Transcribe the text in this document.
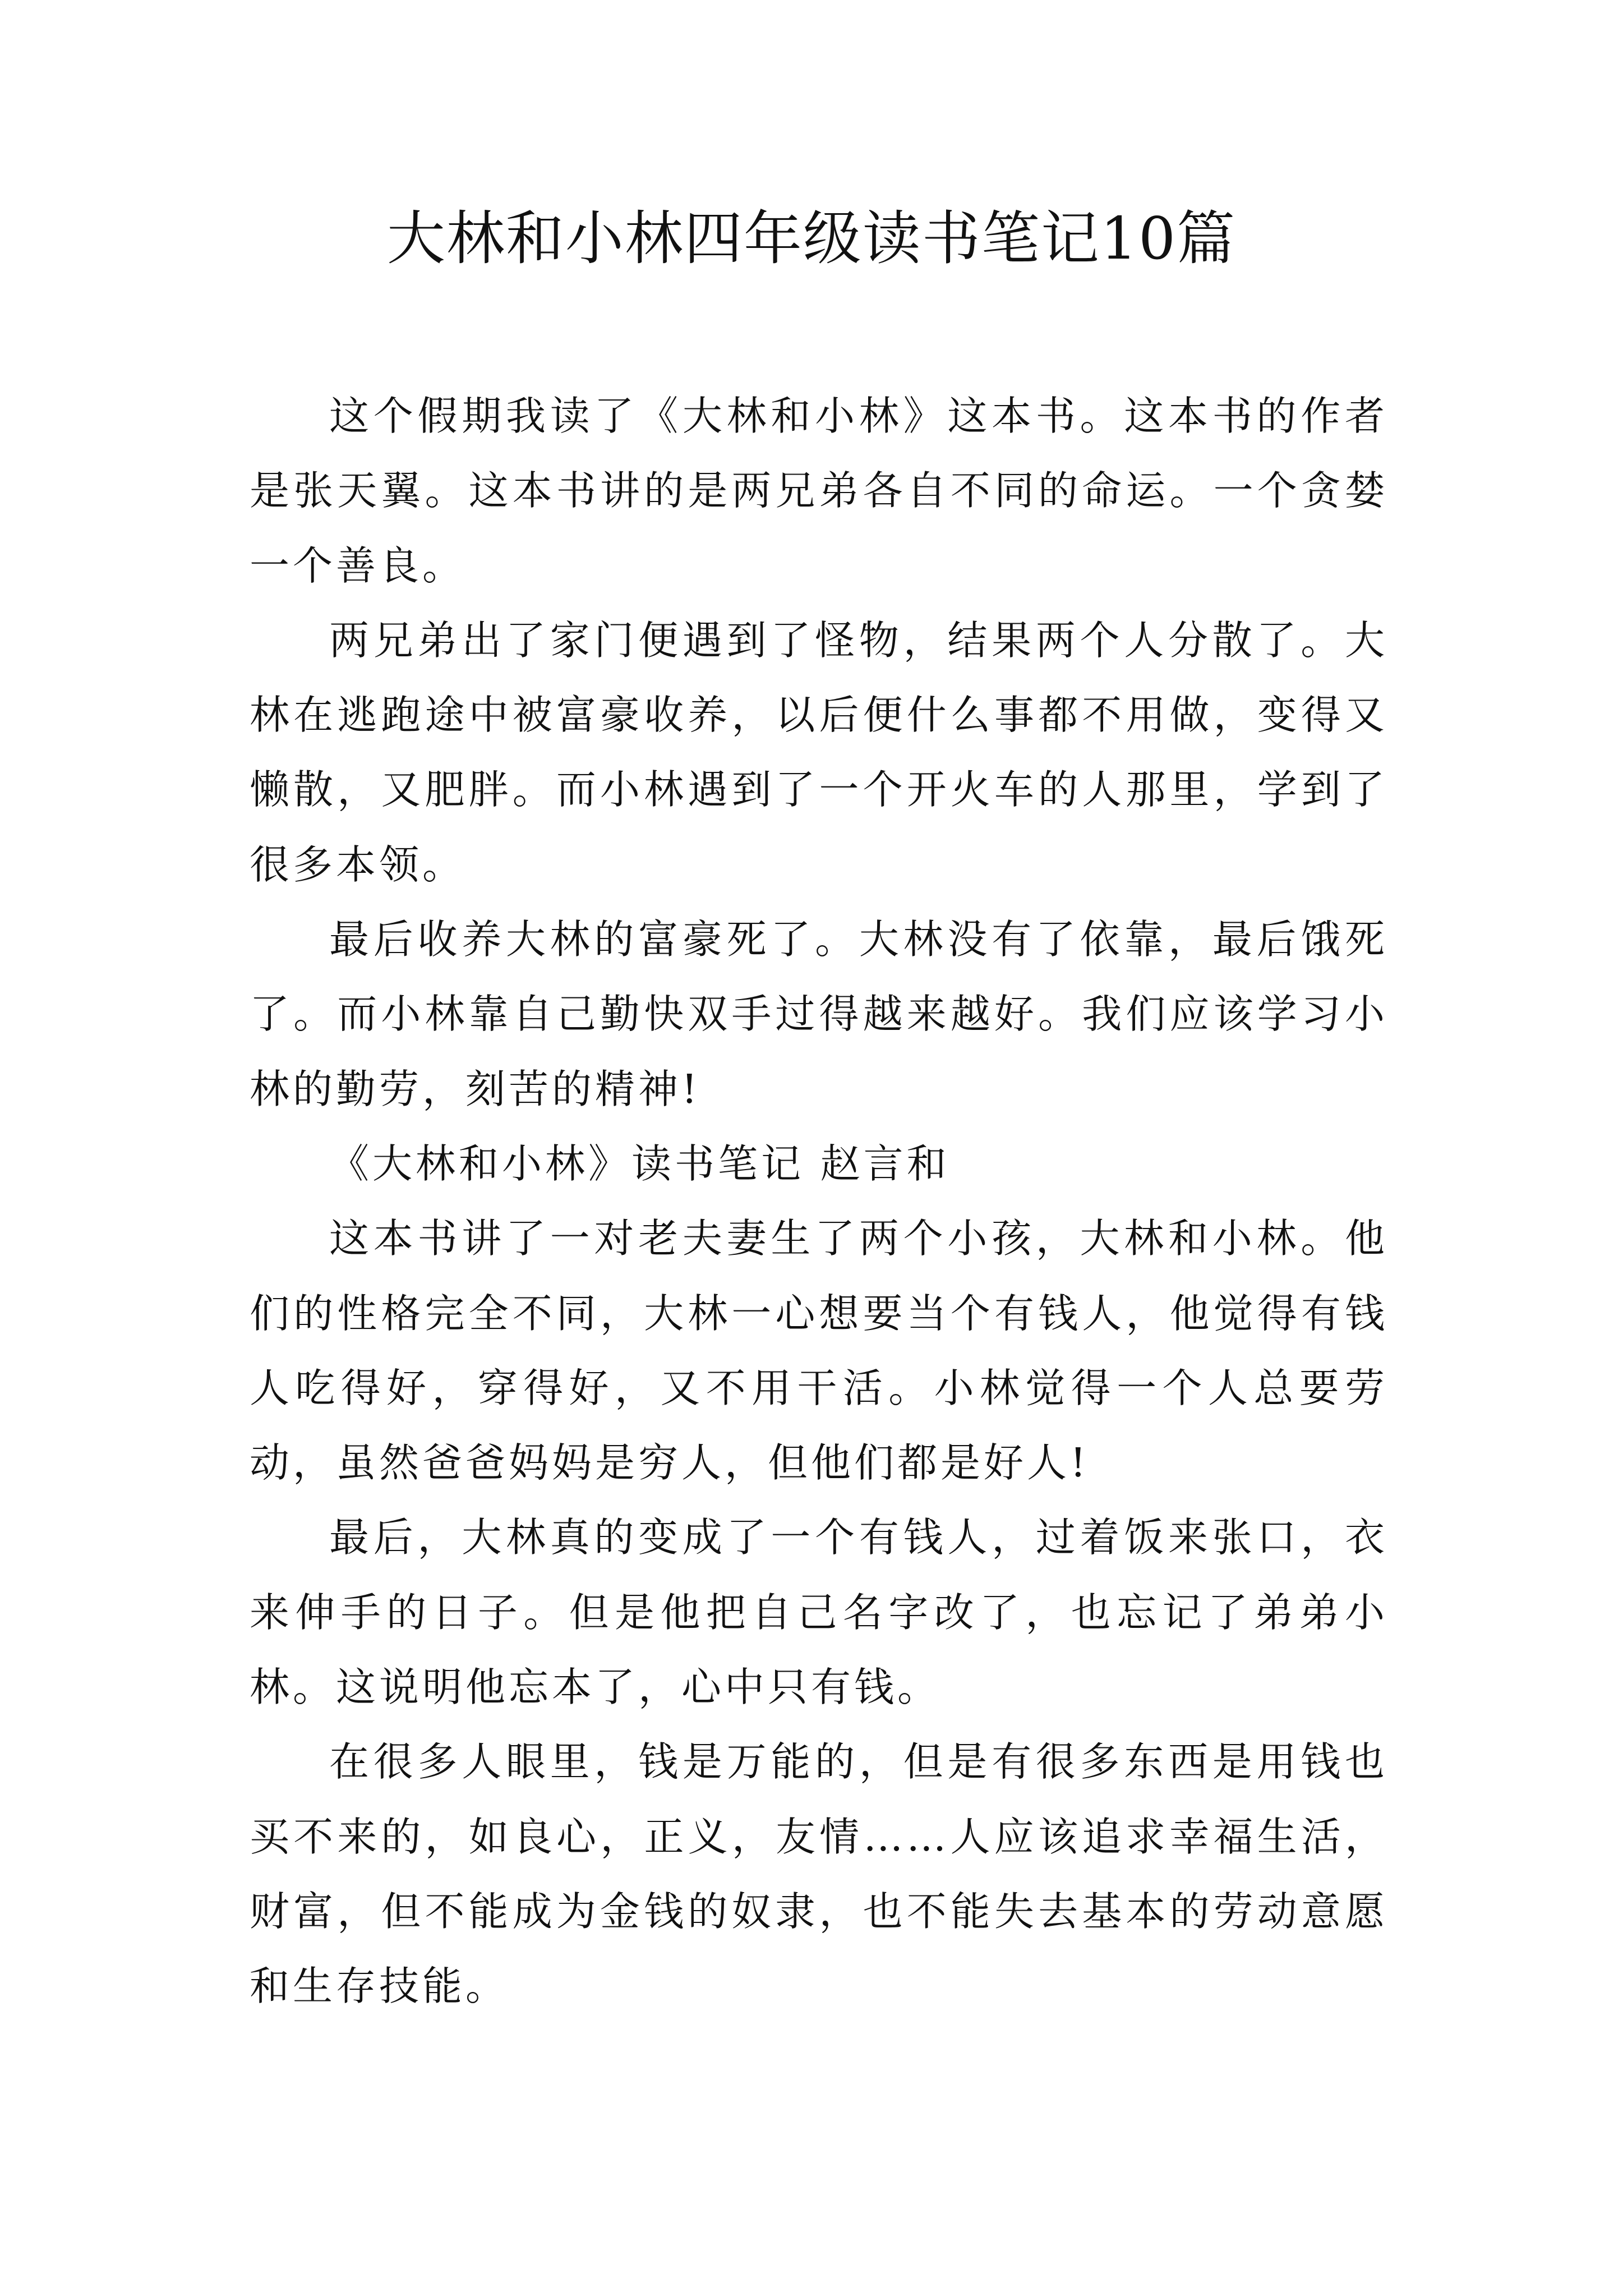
大林和小林四年级读书笔记10篇

这个假期我读了《大林和小林》这本书。这本书的作者是张天翼。这本书讲的是两兄弟各自不同的命运。一个贪婪一个善良。

两兄弟出了家门便遇到了怪物，结果两个人分散了。大林在逃跑途中被富豪收养，以后便什么事都不用做，变得又懒散，又肥胖。而小林遇到了一个开火车的人那里，学到了很多本领。

最后收养大林的富豪死了。大林没有了依靠，最后饿死了。而小林靠自己勤快双手过得越来越好。我们应该学习小林的勤劳，刻苦的精神!

《大林和小林》读书笔记 赵言和

这本书讲了一对老夫妻生了两个小孩，大林和小林。他们的性格完全不同，大林一心想要当个有钱人，他觉得有钱人吃得好，穿得好，又不用干活。小林觉得一个人总要劳动，虽然爸爸妈妈是穷人，但他们都是好人!

最后，大林真的变成了一个有钱人，过着饭来张口，衣来伸手的日子。但是他把自己名字改了，也忘记了弟弟小林。这说明他忘本了，心中只有钱。

在很多人眼里，钱是万能的，但是有很多东西是用钱也买不来的，如良心，正义，友情……人应该追求幸福生活，财富，但不能成为金钱的奴隶，也不能失去基本的劳动意愿和生存技能。
